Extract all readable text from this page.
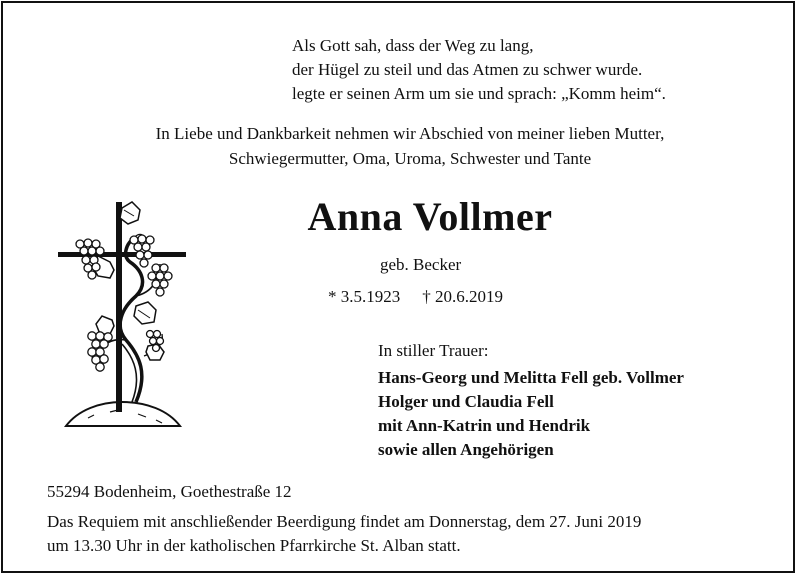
Als Gott sah, dass der Weg zu lang,
der Hügel zu steil und das Atmen zu schwer wurde.
legte er seinen Arm um sie und sprach: „Komm heim“.
In Liebe und Dankbarkeit nehmen wir Abschied von meiner lieben Mutter,
Schwiegermutter, Oma, Uroma, Schwester und Tante
Anna Vollmer
geb. Becker
* 3.5.1923 † 20.6.2019
In stiller Trauer:
Hans-Georg und Melitta Fell geb. Vollmer
Holger und Claudia Fell
mit Ann-Katrin und Hendrik
sowie allen Angehörigen
55294 Bodenheim, Goethestraße 12
Das Requiem mit anschließender Beerdigung findet am Donnerstag, dem 27. Juni 2019
um 13.30 Uhr in der katholischen Pfarrkirche St. Alban statt.
